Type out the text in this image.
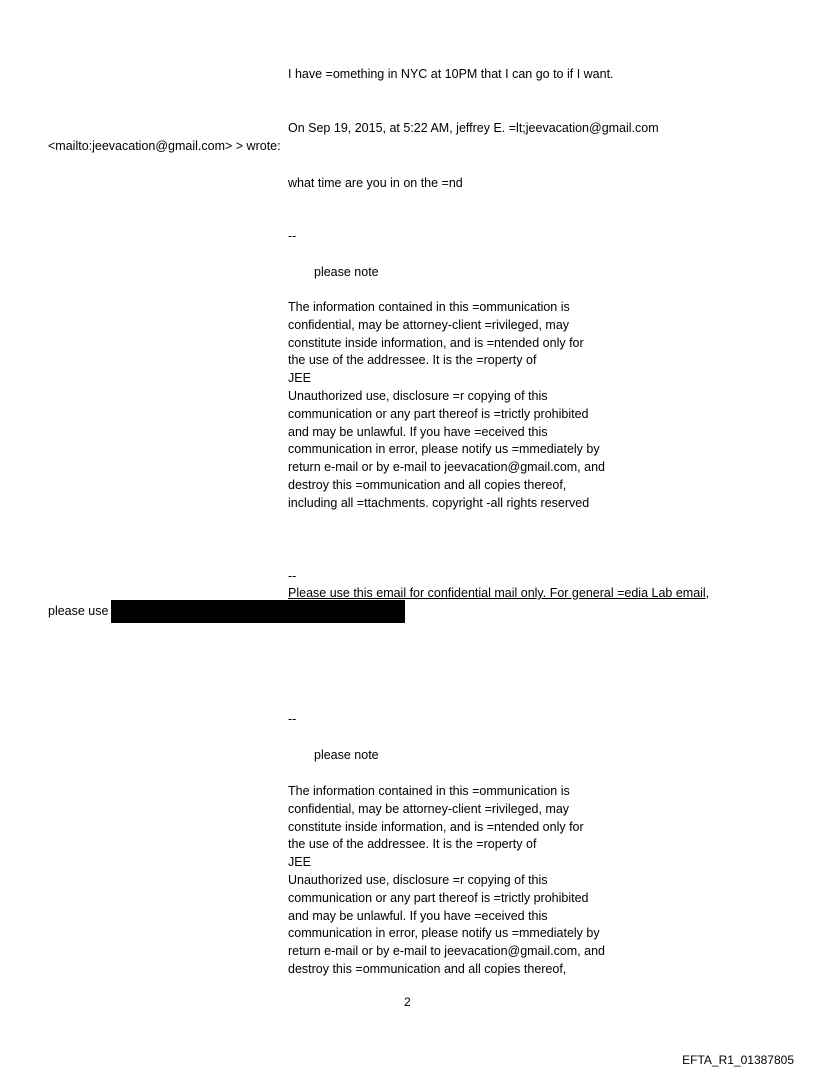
I have =omething in NYC at 10PM that I can go to if I want.
On Sep 19, 2015, at 5:22 AM, jeffrey E. =lt;jeevacation@gmail.com
<mailto:jeevacation@gmail.com> > wrote:
what time are you in on the =nd
--
please note
The information contained in this =ommunication is
confidential, may be attorney-client =rivileged, may
constitute inside information, and is =ntended only for
the use of the addressee. It is the =roperty of
JEE
Unauthorized use, disclosure =r copying of this
communication or any part thereof is =trictly prohibited
and may be unlawful. If you have =eceived this
communication in error, please notify us =mmediately by
return e-mail or by e-mail to jeevacation@gmail.com, and
destroy this =ommunication and all copies thereof,
including all =ttachments. copyright -all rights reserved
--
Please use this email for confidential mail only. For general =edia Lab email,
please use
--
please note
The information contained in this =ommunication is
confidential, may be attorney-client =rivileged, may
constitute inside information, and is =ntended only for
the use of the addressee. It is the =roperty of
JEE
Unauthorized use, disclosure =r copying of this
communication or any part thereof is =trictly prohibited
and may be unlawful. If you have =eceived this
communication in error, please notify us =mmediately by
return e-mail or by e-mail to jeevacation@gmail.com, and
destroy this =ommunication and all copies thereof,
2
EFTA_R1_01387805
